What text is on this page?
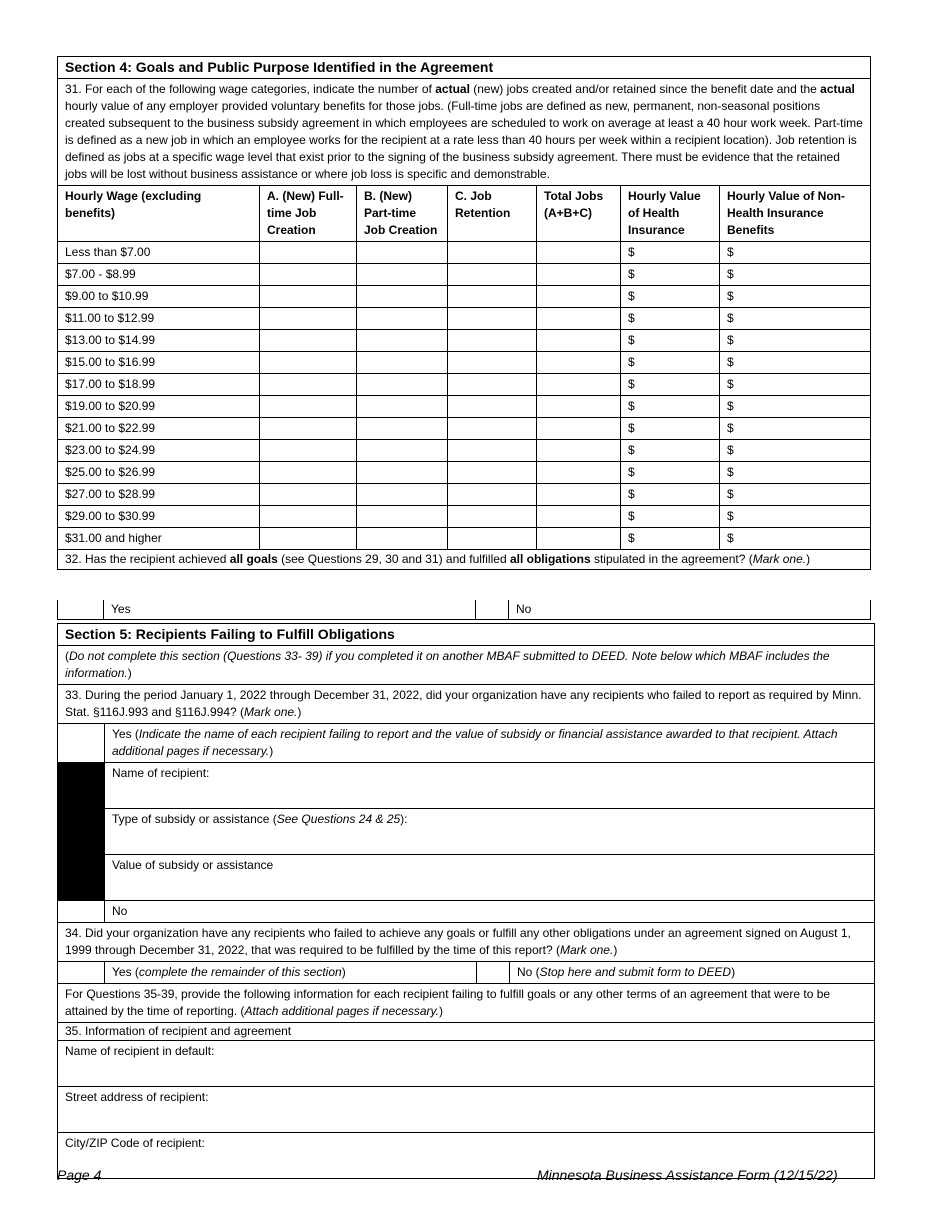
Section 4: Goals and Public Purpose Identified in the Agreement						
31. For each of the following wage categories, indicate the number of actual (new) jobs created and/or retained since the benefit date and the actual hourly value of any employer provided voluntary benefits for those jobs. (Full-time jobs are defined as new, permanent, non-seasonal positions created subsequent to the business subsidy agreement in which employees are scheduled to work on average at least a 40 hour work week. Part-time is defined as a new job in which an employee works for the recipient at a rate less than 40 hours per week within a recipient location). Job retention is defined as jobs at a specific wage level that exist prior to the signing of the business subsidy agreement. There must be evidence that the retained jobs will be lost without business assistance or where job loss is specific and demonstrable.						
Hourly Wage (excluding benefits)	A. (New) Full-time Job Creation	B. (New) Part-time Job Creation	C. Job Retention	Total Jobs (A+B+C)	Hourly Value of Health Insurance	Hourly Value of Non-Health Insurance Benefits
Less than $7.00					$	$
$7.00 - $8.99					$	$
$9.00 to $10.99					$	$
$11.00 to $12.99					$	$
$13.00 to $14.99					$	$
$15.00 to $16.99					$	$
$17.00 to $18.99					$	$
$19.00 to $20.99					$	$
$21.00 to $22.99					$	$
$23.00 to $24.99					$	$
$25.00 to $26.99					$	$
$27.00 to $28.99					$	$
$29.00 to $30.99					$	$
$31.00 and higher					$	$
32. Has the recipient achieved all goals (see Questions 29, 30 and 31) and fulfilled all obligations stipulated in the agreement? (Mark one.)						
	Yes		No
Section 5: Recipients Failing to Fulfill Obligations			
(Do not complete this section (Questions 33- 39) if you completed it on another MBAF submitted to DEED. Note below which MBAF includes the information.)			
33. During the period January 1, 2022 through December 31, 2022, did your organization have any recipients who failed to report as required by Minn. Stat. §116J.993 and §116J.994? (Mark one.)			
	Yes (Indicate the name of each recipient failing to report and the value of subsidy or financial assistance awarded to that recipient. Attach additional pages if necessary.)		
	Name of recipient:		
	Type of subsidy or assistance (See Questions 24 & 25):		
	Value of subsidy or assistance		
	No		
34. Did your organization have any recipients who failed to achieve any goals or fulfill any other obligations under an agreement signed on August 1, 1999 through December 31, 2022, that was required to be fulfilled by the time of this report? (Mark one.)			
	Yes (complete the remainder of this section)		No (Stop here and submit form to DEED)
For Questions 35-39, provide the following information for each recipient failing to fulfill goals or any other terms of an agreement that were to be attained by the time of reporting. (Attach additional pages if necessary.)			
35. Information of recipient and agreement			
Name of recipient in default:			
Street address of recipient:			
City/ZIP Code of recipient:			
Page 4	Minnesota Business Assistance Form (12/15/22)
